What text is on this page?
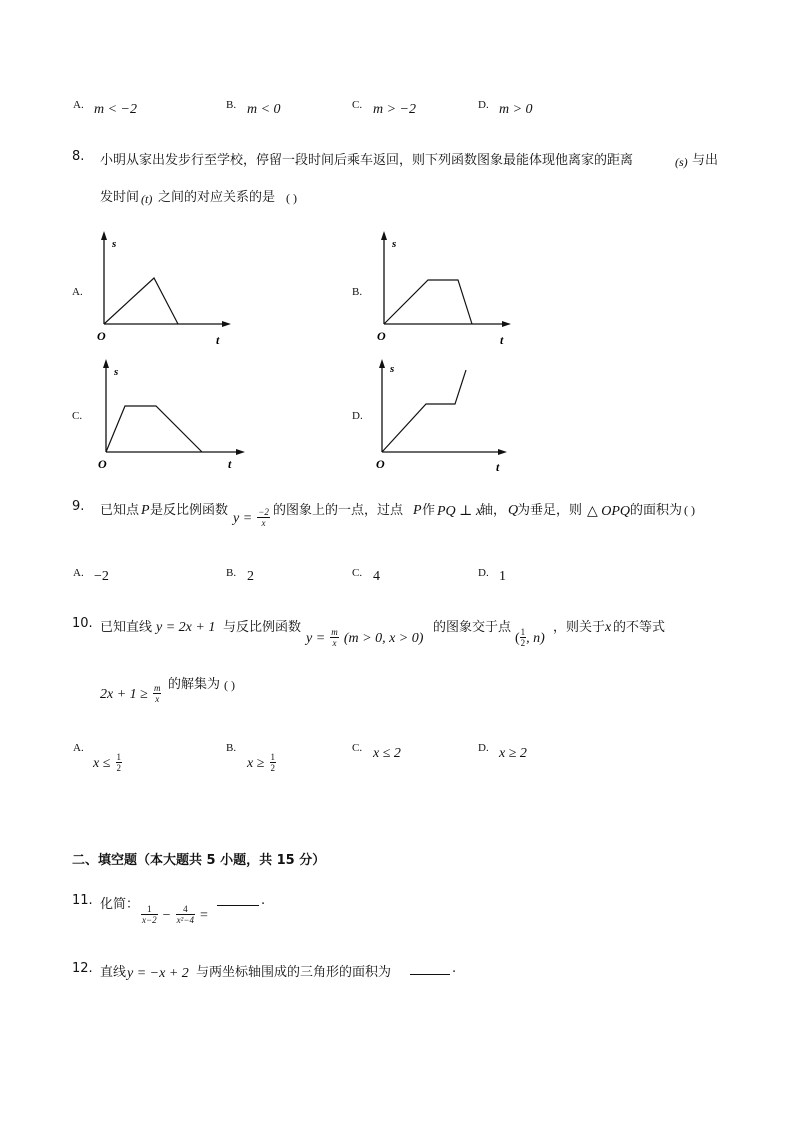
A. m < −2	B. m < 0	C. m > −2	D. m > 0
8. 小明从家出发步行至学校，停留一段时间后乘车返回，则下列函数图象最能体现他离家的距离	(s) 与出
发时间 (t) 之间的对应关系的是 ( )
A.
s
O	t
B.
s
O	t
C.
s
O	t
D.
s
O	t
9. 已知点 P 是反比例函数
$y = \frac{-2}{x}$ 的图象上的一点，过点 P 作 PQ ⊥ x
轴， Q
为垂足，则 △ OPQ 的面积为 ( )
A. −2	B. 2	C. 4	D. 1
10. 已知直线 y = 2x + 1 与反比例函数
$y = \frac{m}{x} (m > 0$, x > 0)
的图象交于点
( $\frac{1}{2}$ , n)
，则关于 x 的不等式
$2x + 1 \ge \frac{m}{x}$ 的解集为 ( )
A.
$x \le \frac{1}{2}$
B.
$x \ge \frac{1}{2}$
C. x ≤ 2	D. x ≥ 2
二、填空题（本大题共 5 小题，共 15 分）
11. 化简： $\frac{1}{x-2} - \frac{4}{\text{x²−4}}$ =
.
12. 直线 y = −x + 2 与两坐标轴围成的三角形的面积为	.
